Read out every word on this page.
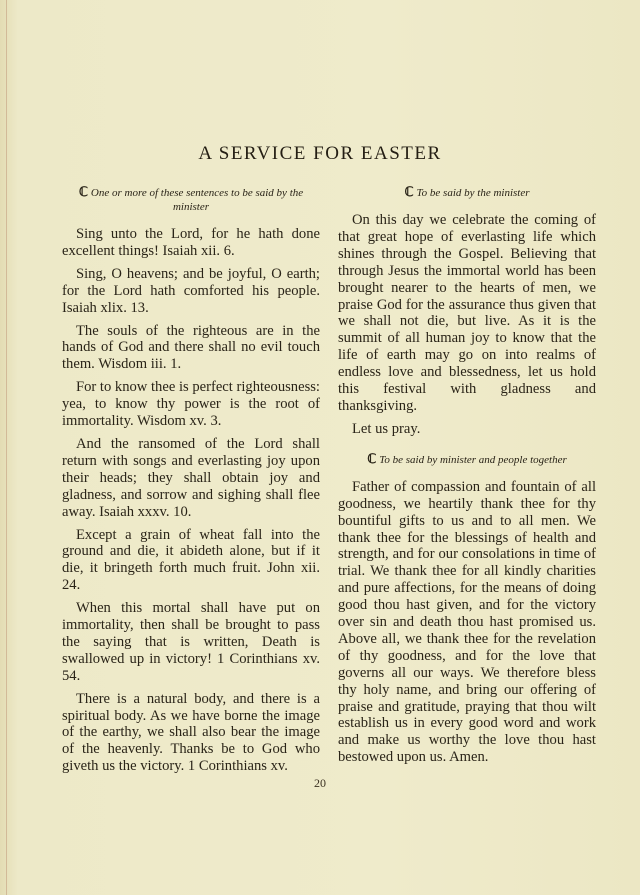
A SERVICE FOR EASTER
ℂ One or more of these sentences to be said by the minister

Sing unto the Lord, for he hath done excellent things! Isaiah xii. 6.

Sing, O heavens; and be joyful, O earth; for the Lord hath comforted his people. Isaiah xlix. 13.

The souls of the righteous are in the hands of God and there shall no evil touch them. Wisdom iii. 1.

For to know thee is perfect righteousness: yea, to know thy power is the root of immortality. Wisdom xv. 3.

And the ransomed of the Lord shall return with songs and everlasting joy upon their heads; they shall obtain joy and gladness, and sorrow and sighing shall flee away. Isaiah xxxv. 10.

Except a grain of wheat fall into the ground and die, it abideth alone, but if it die, it bringeth forth much fruit. John xii. 24.

When this mortal shall have put on immortality, then shall be brought to pass the saying that is written, Death is swallowed up in victory! 1 Corinthians xv. 54.

There is a natural body, and there is a spiritual body. As we have borne the image of the earthy, we shall also bear the image of the heavenly. Thanks be to God who giveth us the victory. 1 Corinthians xv.

ℂ To be said by the minister

On this day we celebrate the coming of that great hope of everlasting life which shines through the Gospel. Believing that through Jesus the immortal world has been brought nearer to the hearts of men, we praise God for the assurance thus given that we shall not die, but live. As it is the summit of all human joy to know that the life of earth may go on into realms of endless love and blessedness, let us hold this festival with gladness and thanksgiving.

Let us pray.

ℂ To be said by minister and people together

Father of compassion and fountain of all goodness, we heartily thank thee for thy bountiful gifts to us and to all men. We thank thee for the blessings of health and strength, and for our consolations in time of trial. We thank thee for all kindly charities and pure affections, for the means of doing good thou hast given, and for the victory over sin and death thou hast promised us. Above all, we thank thee for the revelation of thy goodness, and for the love that governs all our ways. We therefore bless thy holy name, and bring our offering of praise and gratitude, praying that thou wilt establish us in every good word and work and make us worthy the love thou hast bestowed upon us. Amen.

20
